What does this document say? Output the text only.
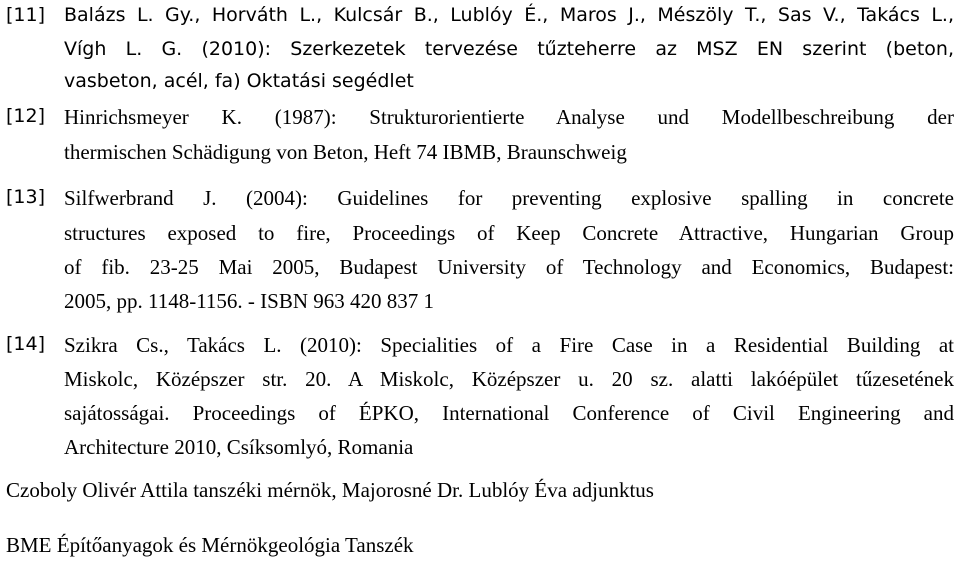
[11] Balázs L. Gy., Horváth L., Kulcsár B., Lublóy É., Maros J., Mészöly T., Sas V., Takács L.,
Vígh L. G. (2010): Szerkezetek tervezése tűzteherre az MSZ EN szerint (beton,
vasbeton, acél, fa) Oktatási segédlet
[12] Hinrichsmeyer K. (1987): Strukturorientierte Analyse und Modellbeschreibung der
thermischen Schädigung von Beton, Heft 74 IBMB, Braunschweig
[13] Silfwerbrand J. (2004): Guidelines for preventing explosive spalling in concrete
structures exposed to fire, Proceedings of Keep Concrete Attractive, Hungarian Group
of fib. 23-25 Mai 2005, Budapest University of Technology and Economics, Budapest:
2005, pp. 1148-1156. - ISBN 963 420 837 1
[14] Szikra Cs., Takács L. (2010): Specialities of a Fire Case in a Residential Building at
Miskolc, Középszer str. 20. A Miskolc, Középszer u. 20 sz. alatti lakóépület tűzesetének
sajátosságai. Proceedings of ÉPKO, International Conference of Civil Engineering and
Architecture 2010, Csíksomlyó, Romania
Czoboly Olivér Attila tanszéki mérnök, Majorosné Dr. Lublóy Éva adjunktus
BME Építőanyagok és Mérnökgeológia Tanszék
